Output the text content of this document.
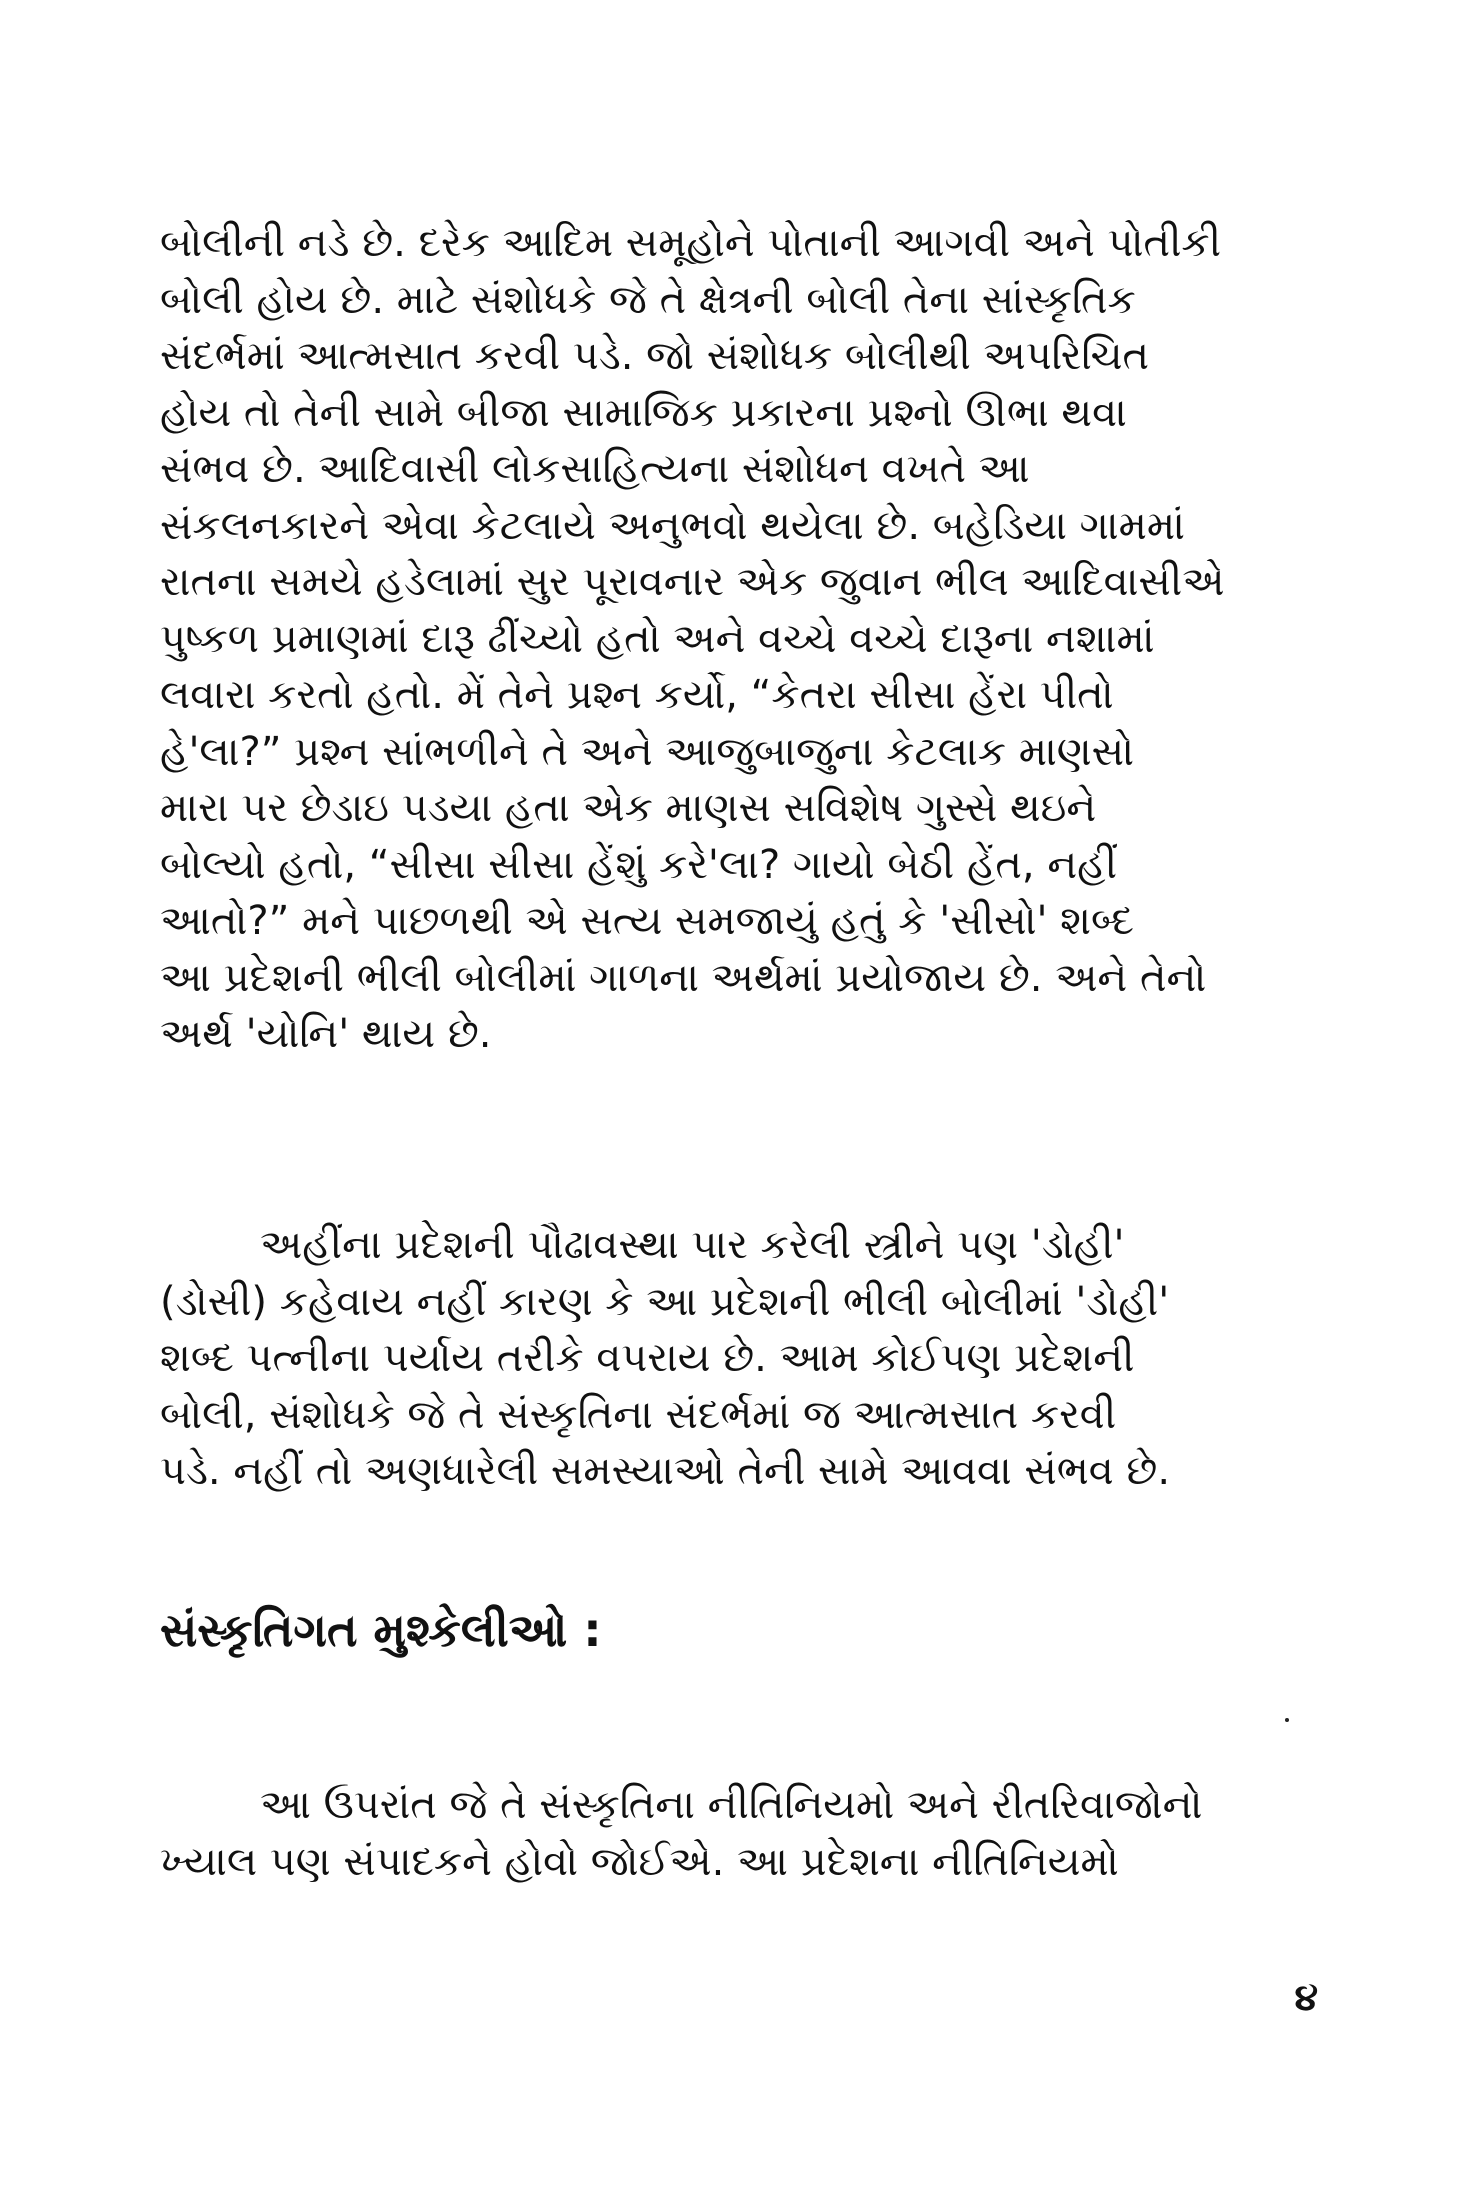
બોલીની નડે છે. દરેક આદિમ સમૂહોને પોતાની આગવી અને પોતીકી
બોલી હોય છે. માટે સંશોધકે જે તે ક્ષેત્રની બોલી તેના સાંસ્કૃતિક
સંદર્ભમાં આત્મસાત કરવી પડે. જો સંશોધક બોલીથી અપરિચિત
હોય તો તેની સામે બીજા સામાજિક પ્રકારના પ્રશ્નો ઊભા થવા
સંભવ છે. આદિવાસી લોકસાહિત્યના સંશોધન વખતે આ
સંકલનકારને એવા કેટલાયે અનુભવો થયેલા છે. બહેડિયા ગામમાં
રાતના સમયે હડેલામાં સુર પૂરાવનાર એક જુવાન ભીલ આદિવાસીએ
પુષ્કળ પ્રમાણમાં દારૂ ઢીંચ્યો હતો અને વચ્ચે વચ્ચે દારૂના નશામાં
લવારા કરતો હતો. મેં તેને પ્રશ્ન કર્યો, “કેતરા સીસા હેંરા પીતો
હે'લા?” પ્રશ્ન સાંભળીને તે અને આજુબાજુના કેટલાક માણસો
મારા પર છેડાઇ પડયા હતા એક માણસ સવિશેષ ગુસ્સે થઇને
બોલ્યો હતો, “સીસા સીસા હેંશું કરે'લા? ગાયો બેઠી હેંત, નહીં
આતો?” મને પાછળથી એ સત્ય સમજાયું હતું કે 'સીસો' શબ્દ
આ પ્રદેશની ભીલી બોલીમાં ગાળના અર્થમાં પ્રયોજાય છે. અને તેનો
અર્થ 'યોનિ' થાય છે.
અહીંના પ્રદેશની પૌઢાવસ્થા પાર કરેલી સ્ત્રીને પણ 'ડોહી'
(ડોસી) કહેવાય નહીં કારણ કે આ પ્રદેશની ભીલી બોલીમાં 'ડોહી'
શબ્દ પત્નીના પર્યાય તરીકે વપરાય છે. આમ કોઈપણ પ્રદેશની
બોલી, સંશોધકે જે તે સંસ્કૃતિના સંદર્ભમાં જ આત્મસાત કરવી
પડે. નહીં તો અણધારેલી સમસ્યાઓ તેની સામે આવવા સંભવ છે.
સંસ્કૃતિગત મુશ્કેલીઓ :
આ ઉપરાંત જે તે સંસ્કૃતિના નીતિનિયમો અને રીતરિવાજોનો
ખ્યાલ પણ સંપાદકને હોવો જોઈએ. આ પ્રદેશના નીતિનિયમો
૪
